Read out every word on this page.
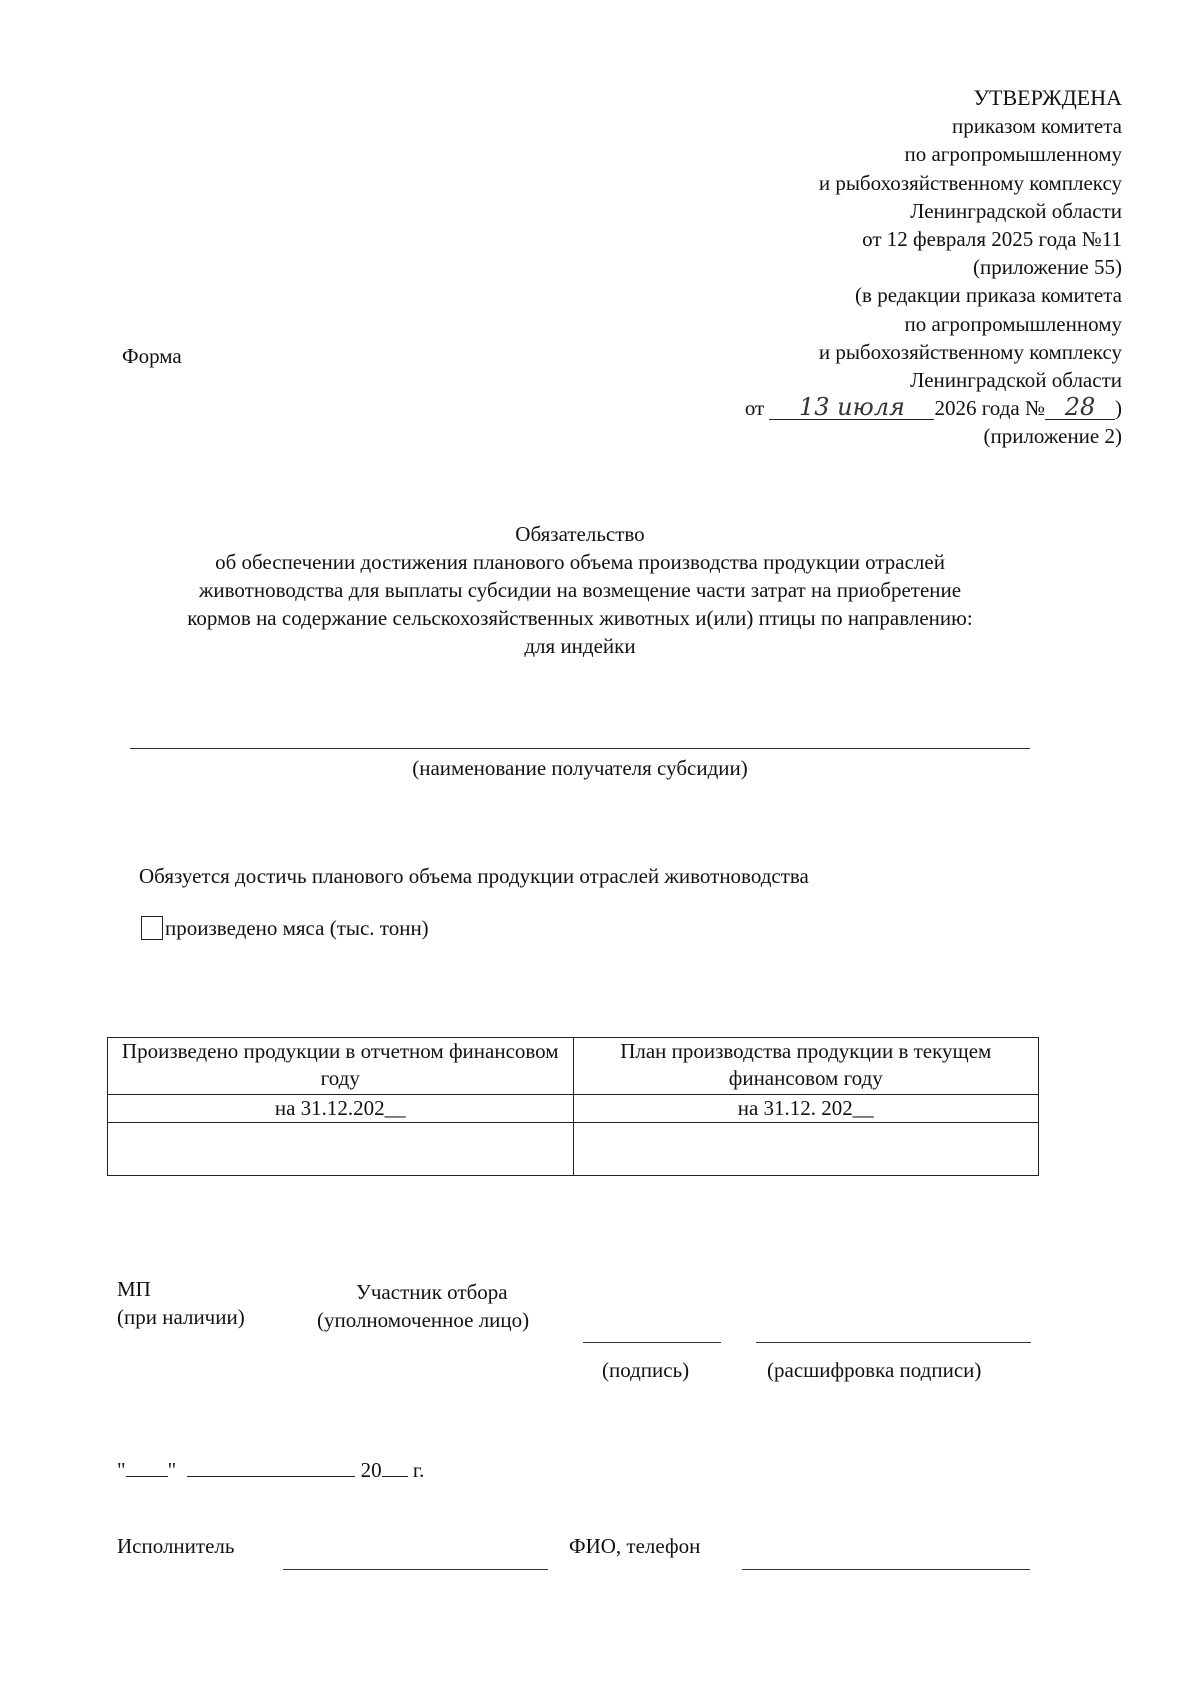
УТВЕРЖДЕНА
приказом комитета
по агропромышленному
и рыбохозяйственному комплексу
Ленинградской области
от 12 февраля 2025 года №11
(приложение 55)
(в редакции приказа комитета
по агропромышленному
и рыбохозяйственному комплексу
Ленинградской области
от 13 июля 2026 года № 28 )
(приложение 2)
Форма
Обязательство
об обеспечении достижения планового объема производства продукции отраслей
животноводства для выплаты субсидии на возмещение части затрат на приобретение
кормов на содержание сельскохозяйственных животных и(или) птицы по направлению:
для индейки
(наименование получателя субсидии)
Обязуется достичь планового объема продукции отраслей животноводства
произведено мяса (тыс. тонн)
Произведено продукции в отчетном финансовом году	План производства продукции в текущем финансовом году
на 31.12.202__	на 31.12. 202__

МП
(при наличии)
Участник отбора
(уполномоченное лицо)
(подпись)	(расшифровка подписи)
" "	20 г.
Исполнитель	ФИО, телефон
